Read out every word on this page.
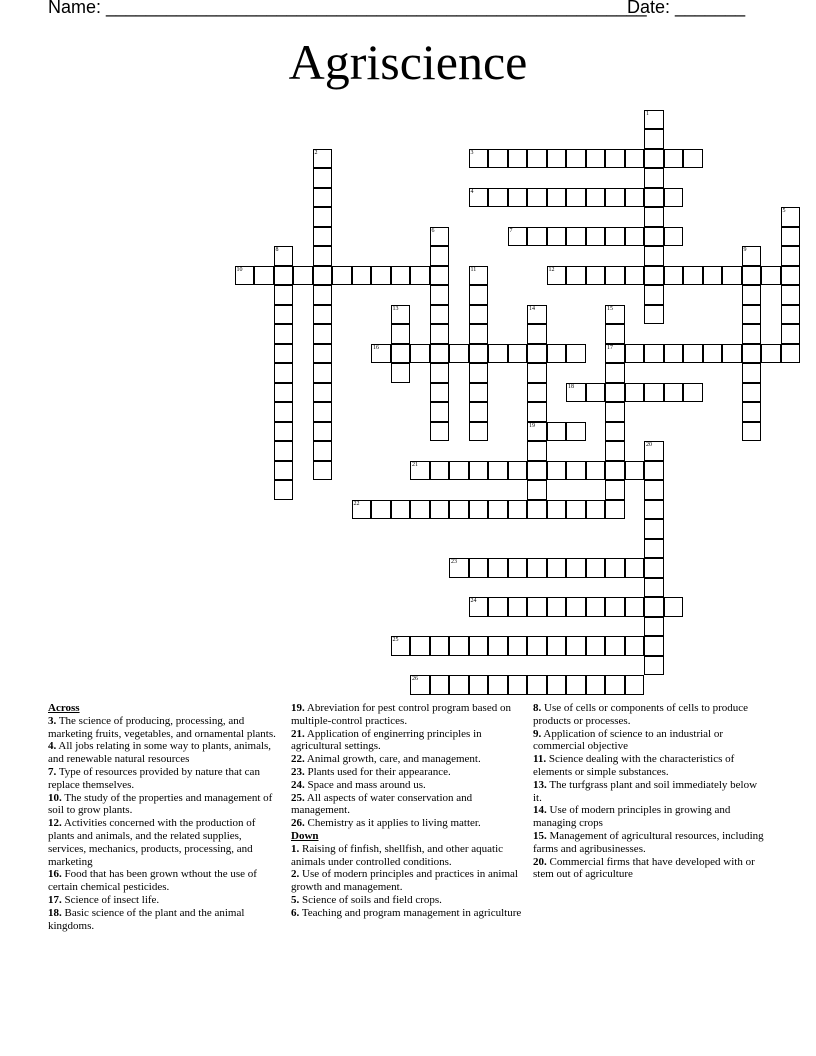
Name: ______________________________________________________
Date: _______
Agriscience
1
2	3
4
5
6	7
8	9
10	11	12
13	14
19
15
17
16
18
20
21
22
23
24
25
26
Across
3. The science of producing, processing, and marketing fruits, vegetables, and ornamental plants.
4. All jobs relating in some way to plants, animals, and renewable natural resources
7. Type of resources provided by nature that can replace themselves.
10. The study of the properties and management of soil to grow plants.
12. Activities concerned with the production of plants and animals, and the related supplies, services, mechanics, products, processing, and marketing
16. Food that has been grown wthout the use of certain chemical pesticides.
17. Science of insect life.
18. Basic science of the plant and the animal kingdoms.
19. Abreviation for pest control program based on multiple-control practices.
21. Application of enginerring principles in agricultural settings.
22. Animal growth, care, and management.
23. Plants used for their appearance.
24. Space and mass around us.
25. All aspects of water conservation and management.
26. Chemistry as it applies to living matter.
Down
1. Raising of finfish, shellfish, and other aquatic animals under controlled conditions.
2. Use of modern principles and practices in animal growth and management.
5. Science of soils and field crops.
6. Teaching and program management in agriculture
8. Use of cells or components of cells to produce products or processes.
9. Application of science to an industrial or commercial objective
11. Science dealing with the characteristics of elements or simple substances.
13. The turfgrass plant and soil immediately below it.
14. Use of modern principles in growing and managing crops
15. Management of agricultural resources, including farms and agribusinesses.
20. Commercial firms that have developed with or stem out of agriculture
